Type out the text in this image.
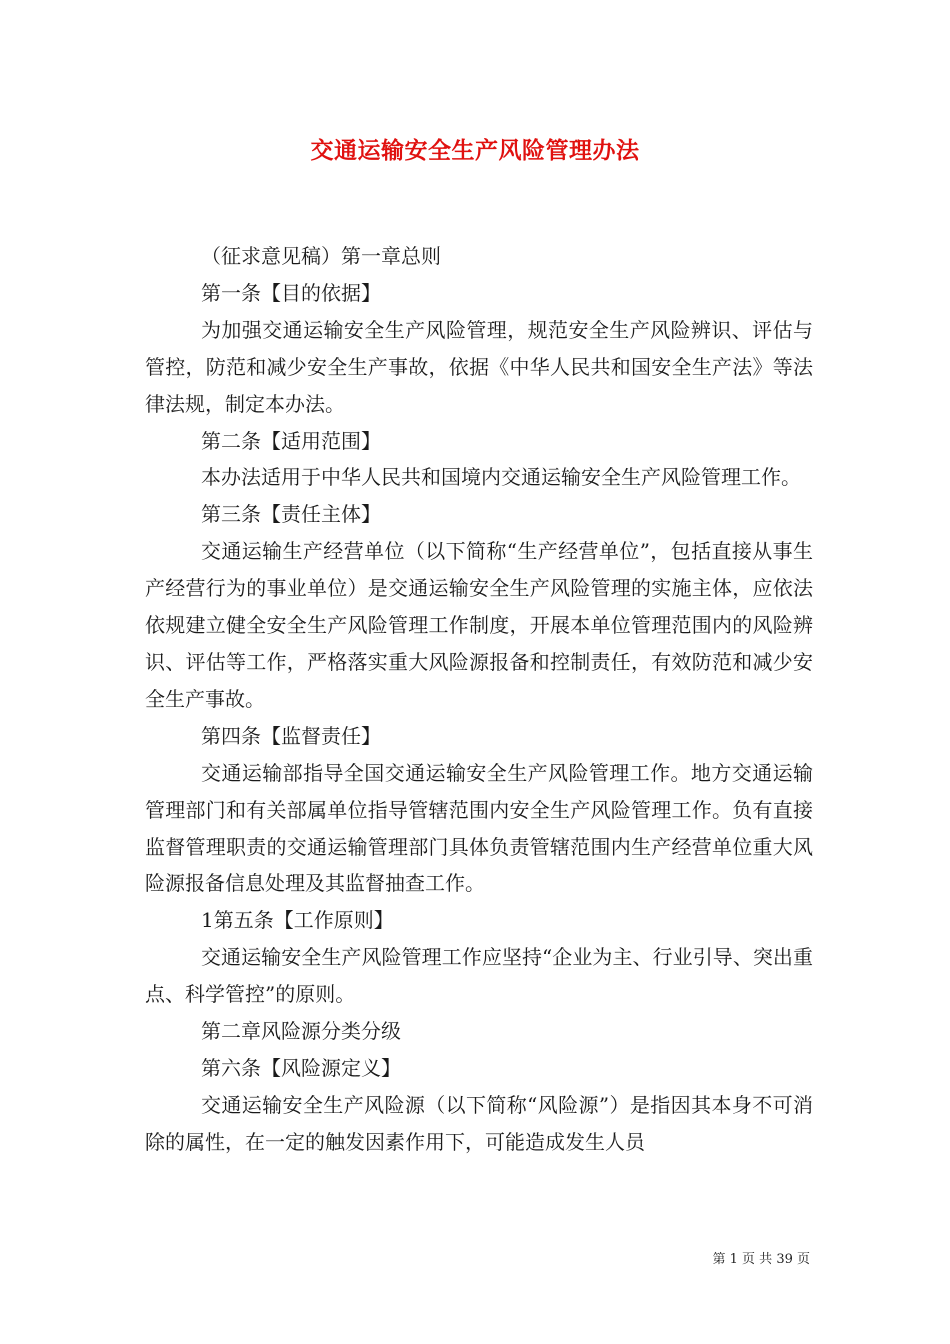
交通运输安全生产风险管理办法

（征求意见稿）第一章总则

第一条【目的依据】

为加强交通运输安全生产风险管理，规范安全生产风险辨识、评估与管控，防范和减少安全生产事故，依据《中华人民共和国安全生产法》等法律法规，制定本办法。

第二条【适用范围】

本办法适用于中华人民共和国境内交通运输安全生产风险管理工作。

第三条【责任主体】

交通运输生产经营单位（以下简称“生产经营单位”，包括直接从事生产经营行为的事业单位）是交通运输安全生产风险管理的实施主体，应依法依规建立健全安全生产风险管理工作制度，开展本单位管理范围内的风险辨识、评估等工作，严格落实重大风险源报备和控制责任，有效防范和减少安全生产事故。

第四条【监督责任】

交通运输部指导全国交通运输安全生产风险管理工作。地方交通运输管理部门和有关部属单位指导管辖范围内安全生产风险管理工作。负有直接监督管理职责的交通运输管理部门具体负责管辖范围内生产经营单位重大风险源报备信息处理及其监督抽查工作。

1第五条【工作原则】

交通运输安全生产风险管理工作应坚持“企业为主、行业引导、突出重点、科学管控”的原则。

第二章风险源分类分级

第六条【风险源定义】

交通运输安全生产风险源（以下简称“风险源”）是指因其本身不可消除的属性，在一定的触发因素作用下，可能造成发生人员

第 1 页 共 39 页
